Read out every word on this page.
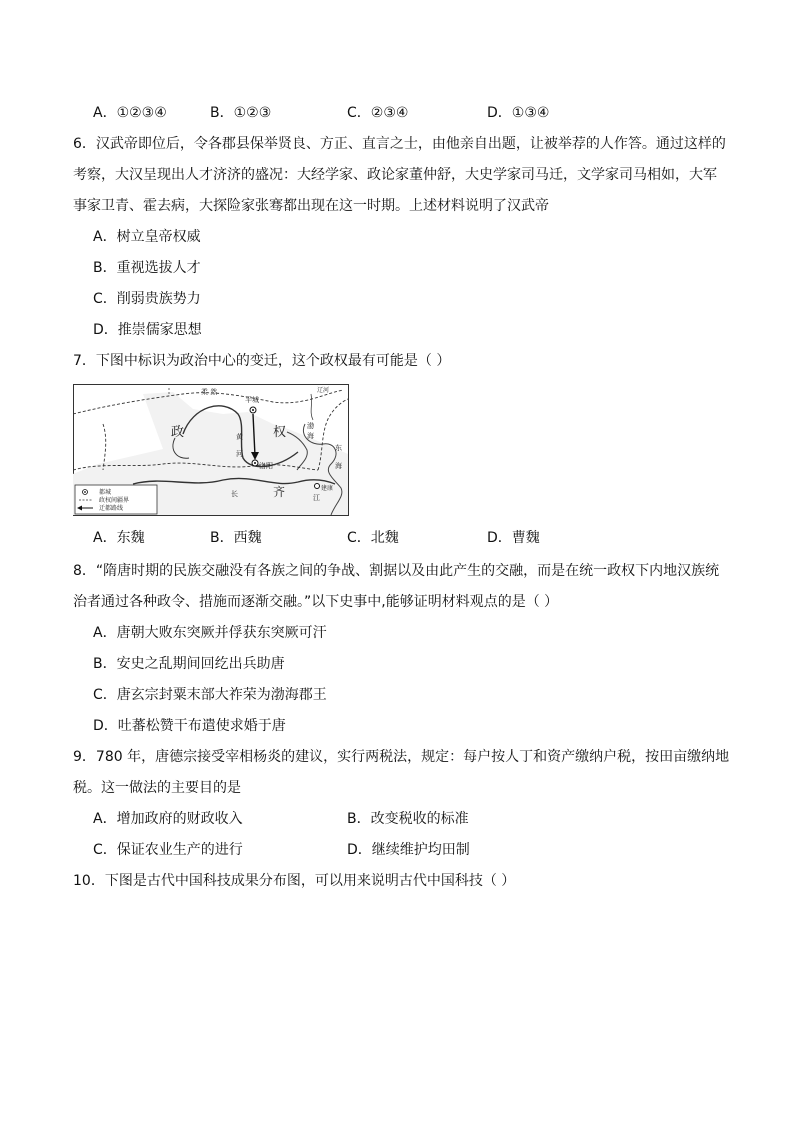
A．①②③④	B．①②③	C．②③④	D．①③④
6．汉武帝即位后，令各郡县保举贤良、方正、直言之士，由他亲自出题，让被举荐的人作答。通过这样的
考察，大汉呈现出人才济济的盛况：大经学家、政论家董仲舒，大史学家司马迁，文学家司马相如，大军
事家卫青、霍去病，大探险家张骞都出现在这一时期。上述材料说明了汉武帝
A．树立皇帝权威
B．重视选拔人才
C．削弱贵族势力
D．推崇儒家思想
7．下图中标识为政治中心的变迁，这个政权最有可能是（ ）
柔 然
政	权
平城
洛阳
黄
河
渤
海
东
海
辽河
建康
长	齐	江
都城
政权间疆界
迁都路线
A．东魏	B．西魏	C．北魏	D．曹魏
8．“隋唐时期的民族交融没有各族之间的争战、割据以及由此产生的交融，而是在统一政权下内地汉族统
治者通过各种政令、措施而逐渐交融。”以下史事中,能够证明材料观点的是（ ）
A．唐朝大败东突厥并俘获东突厥可汗
B．安史之乱期间回纥出兵助唐
C．唐玄宗封粟末部大祚荣为渤海郡王
D．吐蕃松赞干布遣使求婚于唐
9．780 年，唐德宗接受宰相杨炎的建议，实行两税法，规定：每户按人丁和资产缴纳户税，按田亩缴纳地
税。这一做法的主要目的是
A．增加政府的财政收入	B．改变税收的标准
C．保证农业生产的进行	D．继续维护均田制
10．下图是古代中国科技成果分布图，可以用来说明古代中国科技（ ）
